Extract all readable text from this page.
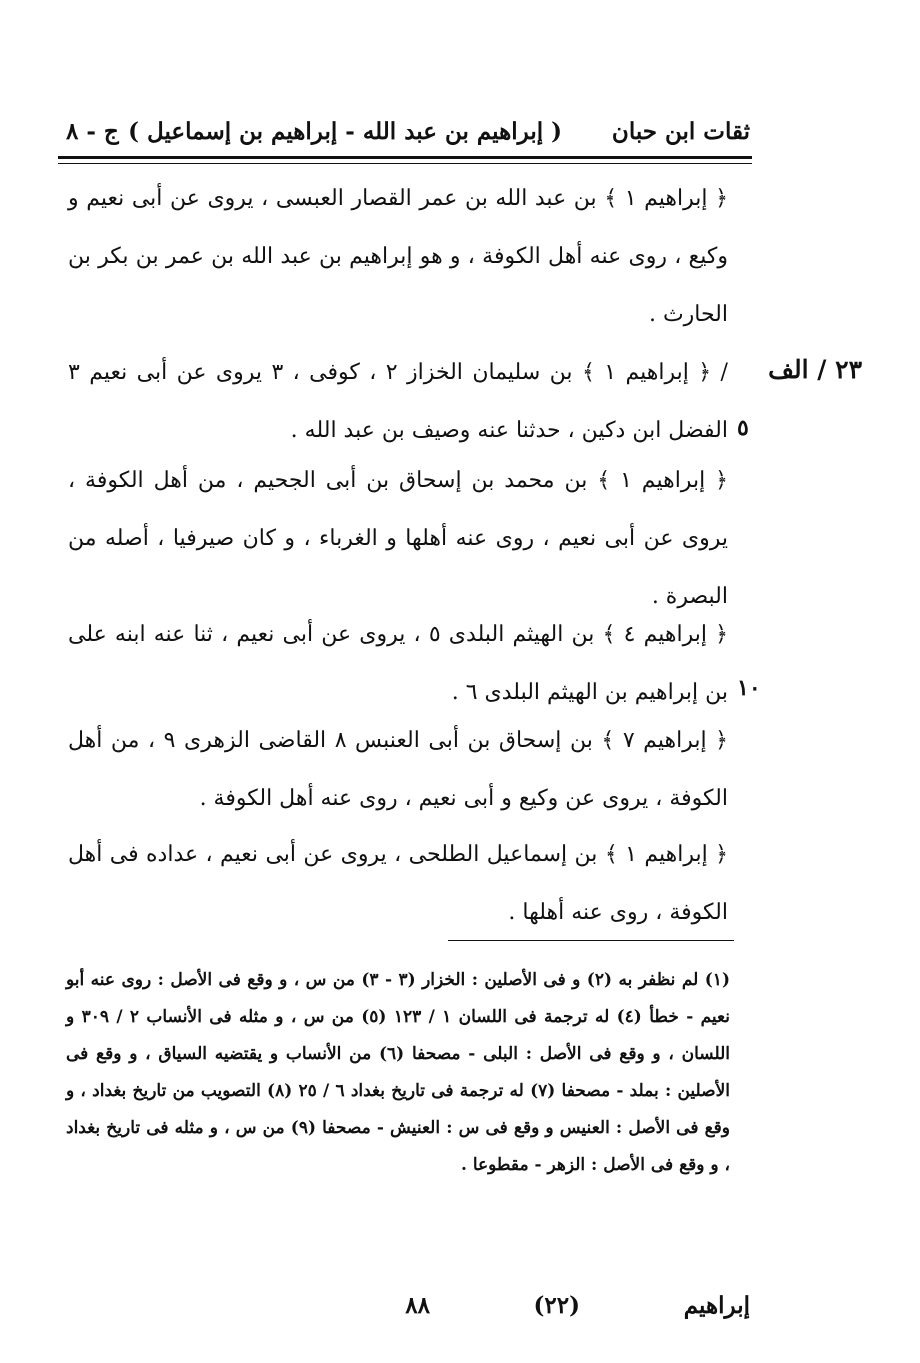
ثقات ابن حبان
( إبراهيم بن عبد الله - إبراهيم بن إسماعيل )
ج - ٨
٢٣ / الف
٥
١٠
﴿ إبراهيم ١ ﴾ بن عبد الله بن عمر القصار العبسى ، يروى عن أبى نعيم و وكيع ، روى عنه أهل الكوفة ، و هو إبراهيم بن عبد الله بن عمر بن بكر بن الحارث .
/ ﴿ إبراهيم ١ ﴾ بن سليمان الخزاز ٢ ، كوفى ، ٣ يروى عن أبى نعيم ٣ الفضل ابن دكين ، حدثنا عنه وصيف بن عبد الله .
﴿ إبراهيم ١ ﴾ بن محمد بن إسحاق بن أبى الجحيم ، من أهل الكوفة ، يروى عن أبى نعيم ، روى عنه أهلها و الغرباء ، و كان صيرفيا ، أصله من البصرة .
﴿ إبراهيم ٤ ﴾ بن الهيثم البلدى ٥ ، يروى عن أبى نعيم ، ثنا عنه ابنه على بن إبراهيم بن الهيثم البلدى ٦ .
﴿ إبراهيم ٧ ﴾ بن إسحاق بن أبى العنبس ٨ القاضى الزهرى ٩ ، من أهل الكوفة ، يروى عن وكيع و أبى نعيم ، روى عنه أهل الكوفة .
﴿ إبراهيم ١ ﴾ بن إسماعيل الطلحى ، يروى عن أبى نعيم ، عداده فى أهل الكوفة ، روى عنه أهلها .
(١) لم نظفر به (٢) و فى الأصلين : الخزار (٣ - ٣) من س ، و وقع فى الأصل : روى عنه أبو نعيم - خطأ (٤) له ترجمة فى اللسان ١ / ١٢٣ (٥) من س ، و مثله فى الأنساب ٢ / ٣٠٩ و اللسان ، و وقع فى الأصل : البلى - مصحفا (٦) من الأنساب و يقتضيه السياق ، و وقع فى الأصلين : بملد - مصحفا (٧) له ترجمة فى تاريخ بغداد ٦ / ٢٥ (٨) التصويب من تاريخ بغداد ، و وقع فى الأصل : العنيس و وقع فى س : العنيش - مصحفا (٩) من س ، و مثله فى تاريخ بغداد ، و وقع فى الأصل : الزهر - مقطوعا .
إبراهيم
(٢٢)
٨٨
